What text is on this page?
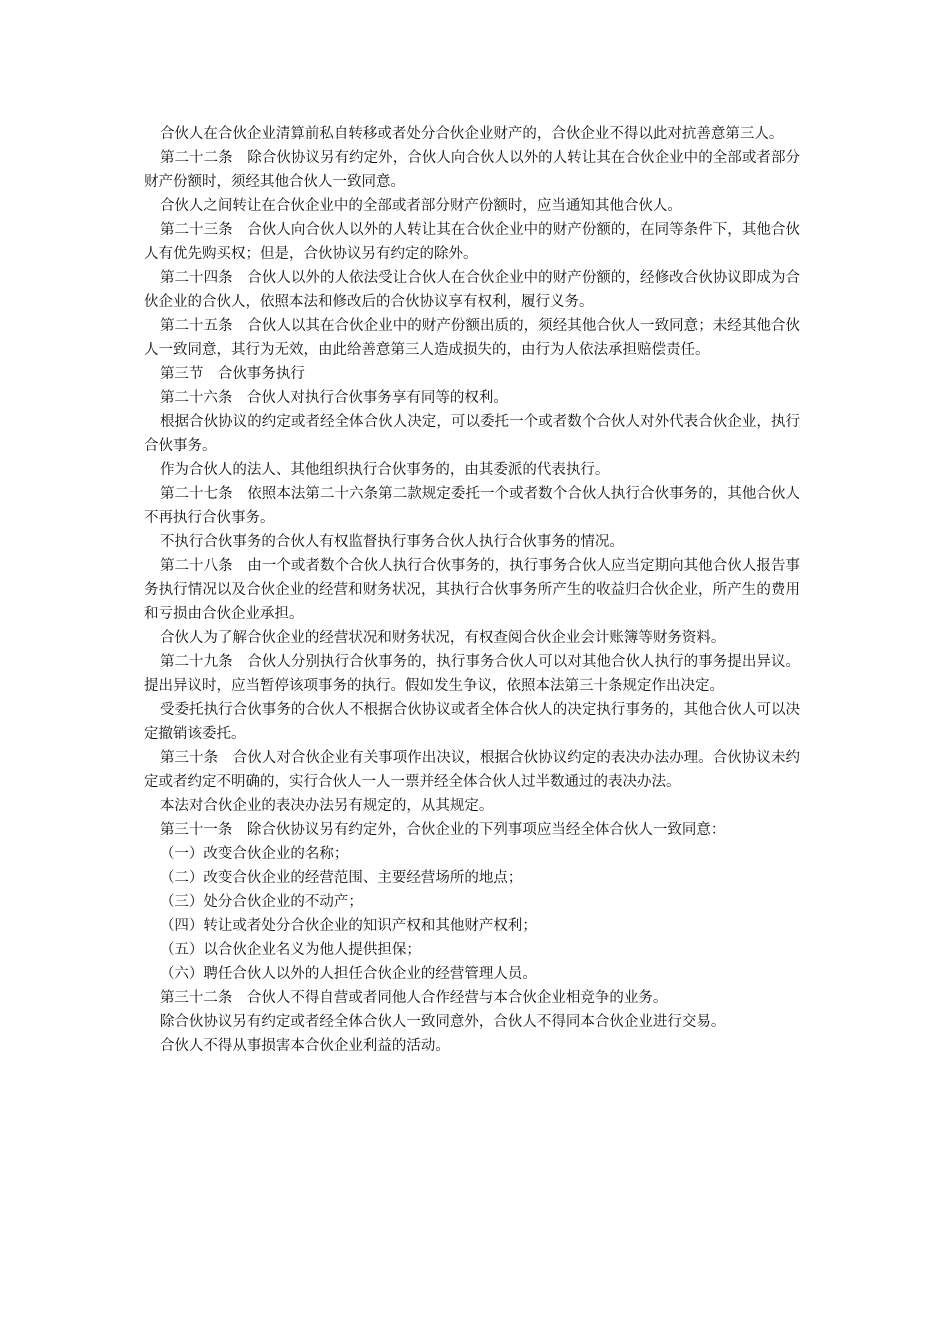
合伙人在合伙企业清算前私自转移或者处分合伙企业财产的，合伙企业不得以此对抗善意第三人。

第二十二条　除合伙协议另有约定外，合伙人向合伙人以外的人转让其在合伙企业中的全部或者部分财产份额时，须经其他合伙人一致同意。

合伙人之间转让在合伙企业中的全部或者部分财产份额时，应当通知其他合伙人。

第二十三条　合伙人向合伙人以外的人转让其在合伙企业中的财产份额的，在同等条件下，其他合伙人有优先购买权；但是，合伙协议另有约定的除外。

第二十四条　合伙人以外的人依法受让合伙人在合伙企业中的财产份额的，经修改合伙协议即成为合伙企业的合伙人，依照本法和修改后的合伙协议享有权利，履行义务。

第二十五条　合伙人以其在合伙企业中的财产份额出质的，须经其他合伙人一致同意；未经其他合伙人一致同意，其行为无效，由此给善意第三人造成损失的，由行为人依法承担赔偿责任。

第三节　合伙事务执行

第二十六条　合伙人对执行合伙事务享有同等的权利。

根据合伙协议的约定或者经全体合伙人决定，可以委托一个或者数个合伙人对外代表合伙企业，执行合伙事务。

作为合伙人的法人、其他组织执行合伙事务的，由其委派的代表执行。

第二十七条　依照本法第二十六条第二款规定委托一个或者数个合伙人执行合伙事务的，其他合伙人不再执行合伙事务。

不执行合伙事务的合伙人有权监督执行事务合伙人执行合伙事务的情况。

第二十八条　由一个或者数个合伙人执行合伙事务的，执行事务合伙人应当定期向其他合伙人报告事务执行情况以及合伙企业的经营和财务状况，其执行合伙事务所产生的收益归合伙企业，所产生的费用和亏损由合伙企业承担。

合伙人为了解合伙企业的经营状况和财务状况，有权查阅合伙企业会计账簿等财务资料。

第二十九条　合伙人分别执行合伙事务的，执行事务合伙人可以对其他合伙人执行的事务提出异议。提出异议时，应当暂停该项事务的执行。假如发生争议，依照本法第三十条规定作出决定。

受委托执行合伙事务的合伙人不根据合伙协议或者全体合伙人的决定执行事务的，其他合伙人可以决定撤销该委托。

第三十条　合伙人对合伙企业有关事项作出决议，根据合伙协议约定的表决办法办理。合伙协议未约定或者约定不明确的，实行合伙人一人一票并经全体合伙人过半数通过的表决办法。

本法对合伙企业的表决办法另有规定的，从其规定。

第三十一条　除合伙协议另有约定外，合伙企业的下列事项应当经全体合伙人一致同意：

（一）改变合伙企业的名称；

（二）改变合伙企业的经营范围、主要经营场所的地点；

（三）处分合伙企业的不动产；

（四）转让或者处分合伙企业的知识产权和其他财产权利；

（五）以合伙企业名义为他人提供担保；

（六）聘任合伙人以外的人担任合伙企业的经营管理人员。

第三十二条　合伙人不得自营或者同他人合作经营与本合伙企业相竞争的业务。

除合伙协议另有约定或者经全体合伙人一致同意外，合伙人不得同本合伙企业进行交易。

合伙人不得从事损害本合伙企业利益的活动。
